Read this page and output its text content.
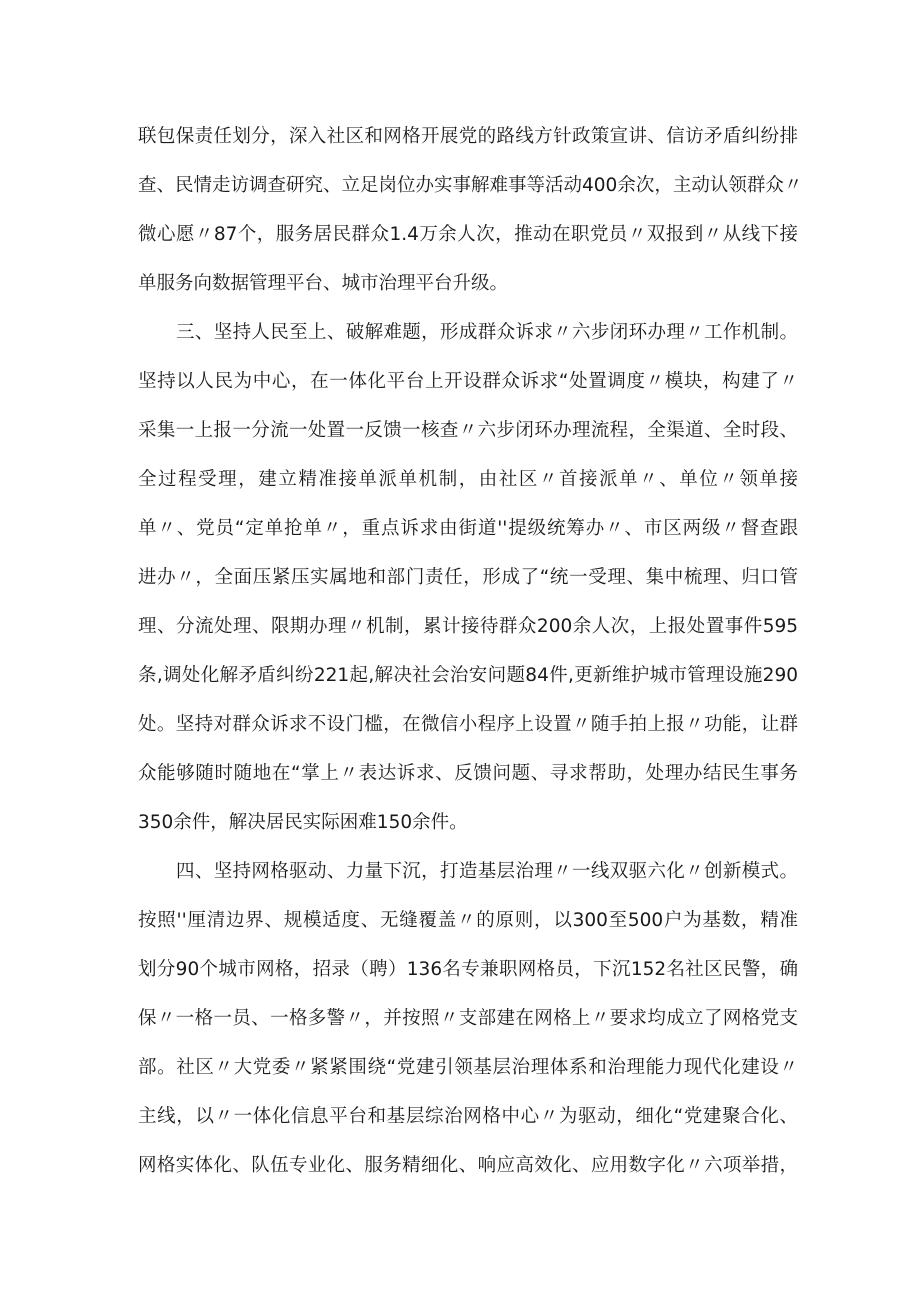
联包保责任划分，深入社区和网格开展党的路线方针政策宣讲、信访矛盾纠纷排
查、民情走访调查研究、立足岗位办实事解难事等活动400余次，主动认领群众〃
微心愿〃87个，服务居民群众1.4万余人次，推动在职党员〃双报到〃从线下接
单服务向数据管理平台、城市治理平台升级。
三、坚持人民至上、破解难题，形成群众诉求〃六步闭环办理〃工作机制。
坚持以人民为中心，在一体化平台上开设群众诉求“处置调度〃模块，构建了〃
采集一上报一分流一处置一反馈一核查〃六步闭环办理流程，全渠道、全时段、
全过程受理，建立精准接单派单机制，由社区〃首接派单〃、单位〃领单接
单〃、党员“定单抢单〃，重点诉求由街道''提级统筹办〃、市区两级〃督查跟
进办〃，全面压紧压实属地和部门责任，形成了“统一受理、集中梳理、归口管
理、分流处理、限期办理〃机制，累计接待群众200余人次，上报处置事件595
条,调处化解矛盾纠纷221起,解决社会治安问题84件,更新维护城市管理设施290
处。坚持对群众诉求不设门槛，在微信小程序上设置〃随手拍上报〃功能，让群
众能够随时随地在“掌上〃表达诉求、反馈问题、寻求帮助，处理办结民生事务
350余件，解决居民实际困难150余件。
四、坚持网格驱动、力量下沉，打造基层治理〃一线双驱六化〃创新模式。
按照''厘清边界、规模适度、无缝覆盖〃的原则，以300至500户为基数，精准
划分90个城市网格，招录（聘）136名专兼职网格员，下沉152名社区民警，确
保〃一格一员、一格多警〃，并按照〃支部建在网格上〃要求均成立了网格党支
部。社区〃大党委〃紧紧围绕“党建引领基层治理体系和治理能力现代化建设〃
主线，以〃一体化信息平台和基层综治网格中心〃为驱动，细化“党建聚合化、
网格实体化、队伍专业化、服务精细化、响应高效化、应用数字化〃六项举措，
